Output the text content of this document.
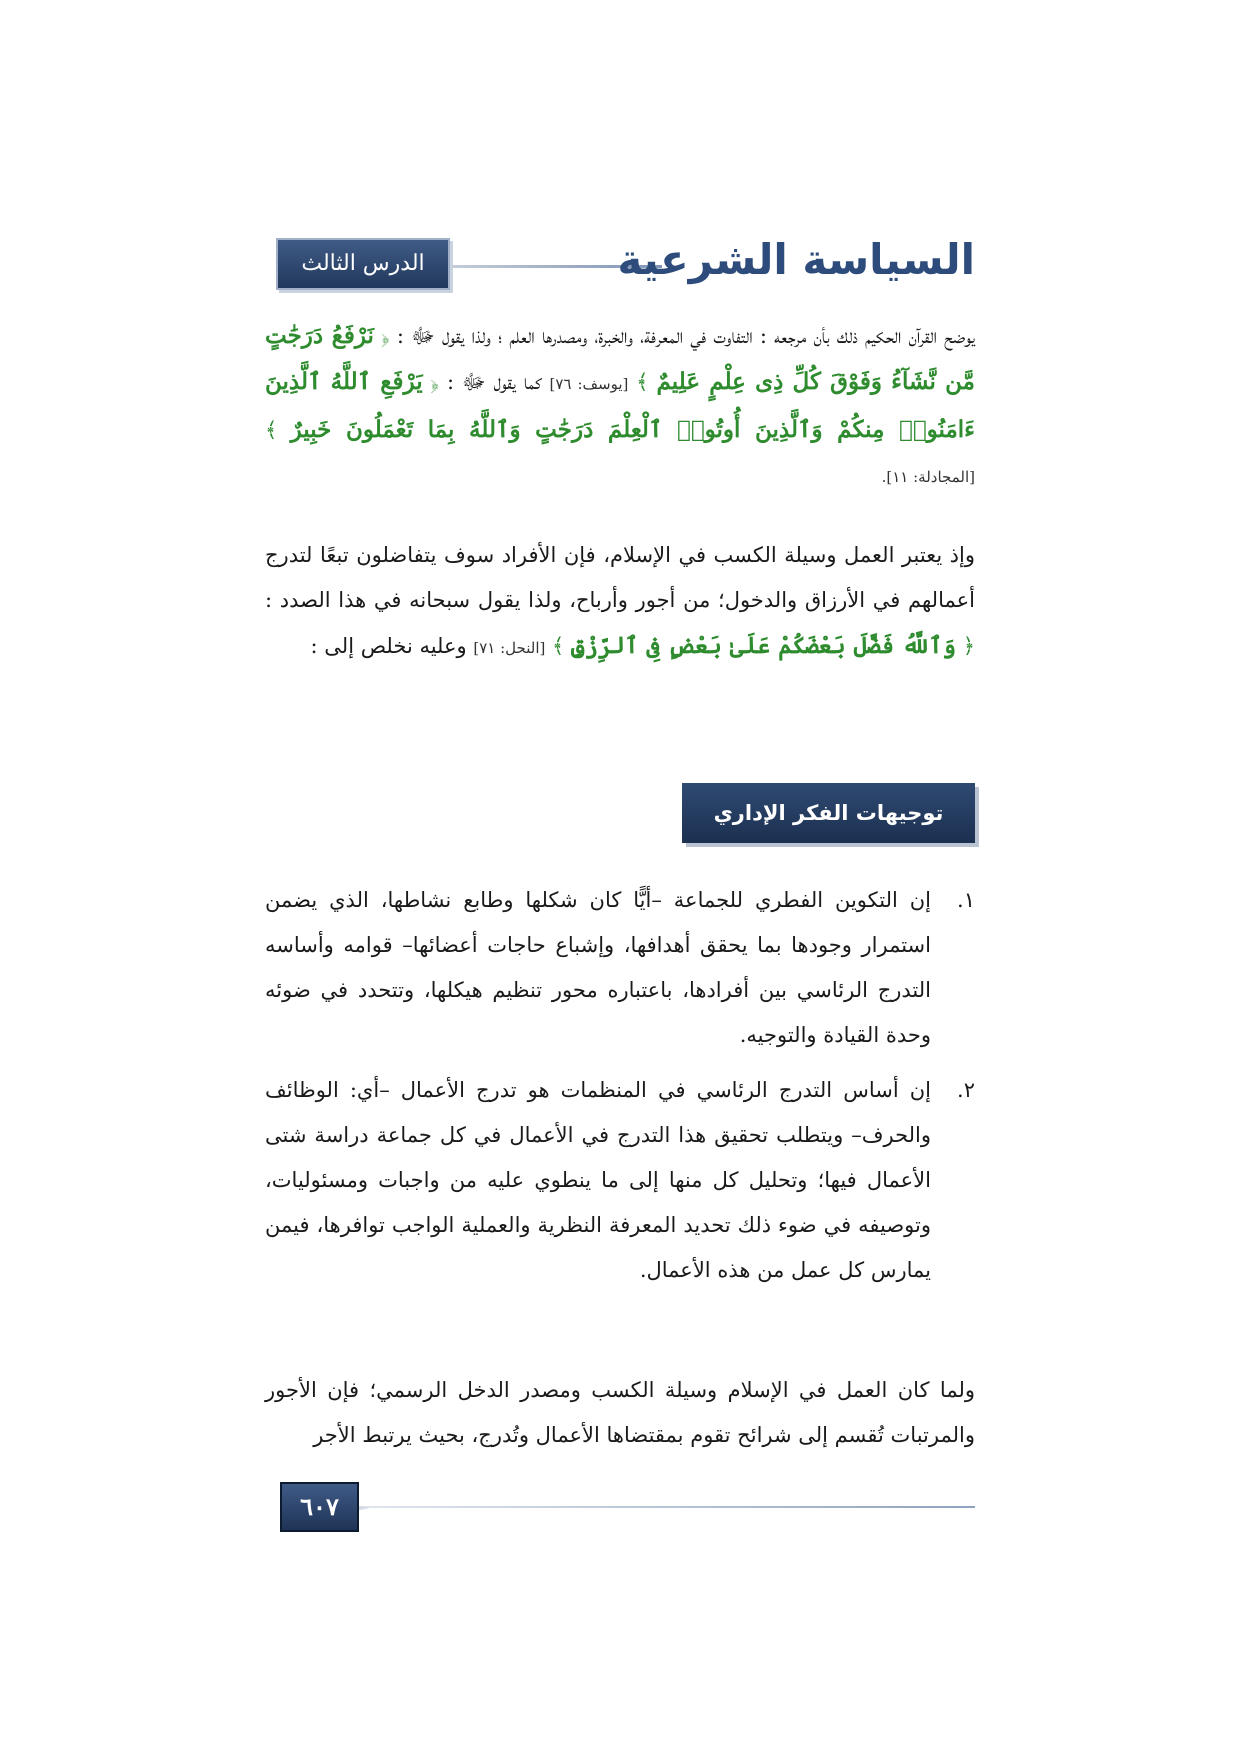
الدرس الثالث عشر
السياسة الشرعية
يوضح القرآن الحكيم ذلك بأن مرجعه : التفاوت في المعرفة، والخبرة، ومصدرها العلم ؛ ولذا يقول ﷻ : ﴿ نَرْفَعُ دَرَجَٰتٍ مَّن نَّشَآءُ وَفَوْقَ كُلِّ ذِى عِلْمٍ عَلِيمٌ ﴾ [يوسف: ٧٦] كما يقول ﷻ : ﴿ يَرْفَعِ ٱللَّهُ ٱلَّذِينَ ءَامَنُوا۟ مِنكُمْ وَٱلَّذِينَ أُوتُوا۟ ٱلْعِلْمَ دَرَجَٰتٍ وَٱللَّهُ بِمَا تَعْمَلُونَ خَبِيرٌ ﴾ [المجادلة: ١١].
وإذ يعتبر العمل وسيلة الكسب في الإسلام، فإن الأفراد سوف يتفاضلون تبعًا لتدرج أعمالهم في الأرزاق والدخول؛ من أجور وأرباح، ولذا يقول سبحانه في هذا الصدد : ﴿ وَٱللَّهُ فَضَّلَ بَعْضَكُمْ عَلَىٰ بَعْضٍ فِى ٱلرِّزْقِ ﴾ [النحل: ٧١] وعليه نخلص إلى :
توجيهات الفكر الإداري الإسلامي
١.
إن التكوين الفطري للجماعة –أيًّا كان شكلها وطابع نشاطها، الذي يضمن استمرار وجودها بما يحقق أهدافها، وإشباع حاجات أعضائها– قوامه وأساسه التدرج الرئاسي بين أفرادها، باعتباره محور تنظيم هيكلها، وتتحدد في ضوئه وحدة القيادة والتوجيه.
٢.
إن أساس التدرج الرئاسي في المنظمات هو تدرج الأعمال –أي: الوظائف والحرف– ويتطلب تحقيق هذا التدرج في الأعمال في كل جماعة دراسة شتى الأعمال فيها؛ وتحليل كل منها إلى ما ينطوي عليه من واجبات ومسئوليات، وتوصيفه في ضوء ذلك تحديد المعرفة النظرية والعملية الواجب توافرها، فيمن يمارس كل عمل من هذه الأعمال.
ولما كان العمل في الإسلام وسيلة الكسب ومصدر الدخل الرسمي؛ فإن الأجور والمرتبات تُقسم إلى شرائح تقوم بمقتضاها الأعمال وتُدرج، بحيث يرتبط الأجر
٦٠٧
